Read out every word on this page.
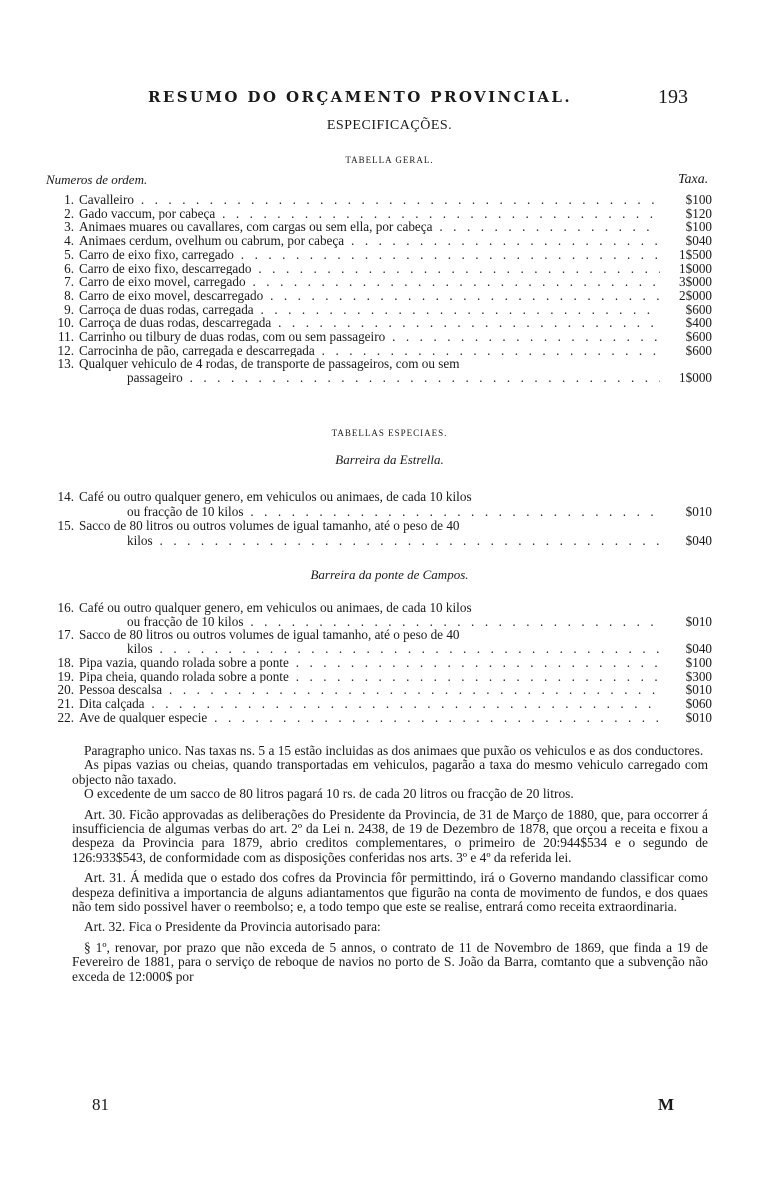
RESUMO DO ORÇAMENTO PROVINCIAL.	193
ESPECIFICAÇÕES.
TABELLA GERAL.
Numeros de ordem.	Taxa.
1. Cavalleiro . . .	$100
2. Gado vaccum, por cabeça . . .	$120
3. Animaes muares ou cavallares, com cargas ou sem ella, por cabeça . . .	$100
4. Animaes cerdum, ovelhum ou cabrum, por cabeça . . .	$040
5. Carro de eixo fixo, carregado . . .	1$500
6. Carro de eixo fixo, descarregado . . .	1$000
7. Carro de eixo movel, carregado . . .	3$000
8. Carro de eixo movel, descarregado . . .	2$000
9. Carroça de duas rodas, carregada . . .	$600
10. Carroça de duas rodas, descarregada . . .	$400
11. Carrinho ou tilbury de duas rodas, com ou sem passageiro . . .	$600
12. Carrocinha de pão, carregada e descarregada . . .	$600
13. Qualquer vehiculo de 4 rodas, de transporte de passageiros, com ou sem
passageiro . . .	1$000
TABELLAS ESPECIAES.
Barreira da Estrella.
14. Café ou outro qualquer genero, em vehiculos ou animaes, de cada 10 kilos
ou fracção de 10 kilos . . .	$010
15. Sacco de 80 litros ou outros volumes de igual tamanho, até o peso de 40
kilos . . .	$040
Barreira da ponte de Campos.
16. Café ou outro qualquer genero, em vehiculos ou animaes, de cada 10 kilos
ou fracção de 10 kilos . . .	$010
17. Sacco de 80 litros ou outros volumes de igual tamanho, até o peso de 40
kilos . . .	$040
18. Pipa vazia, quando rolada sobre a ponte . . .	$100
19. Pipa cheia, quando rolada sobre a ponte . . .	$300
20. Pessoa descalsa . . .	$010
21. Dita calçada . . .	$060
22. Ave de qualquer especie . . .	$010

Paragrapho unico. Nas taxas ns. 5 a 15 estão incluidas as dos animaes que puxão os vehiculos e as dos conductores.

As pipas vazias ou cheias, quando transportadas em vehiculos, pagarão a taxa do mesmo vehiculo carregado com objecto não taxado.

O excedente de um sacco de 80 litros pagará 10 rs. de cada 20 litros ou fracção de 20 litros.

Art. 30. Ficão approvadas as deliberações do Presidente da Provincia, de 31 de Março de 1880, que, para occorrer á insufficiencia de algumas verbas do art. 2º da Lei n. 2438, de 19 de Dezembro de 1878, que orçou a receita e fixou a despeza da Provincia para 1879, abrio creditos complementares, o primeiro de 20:944$534 e o segundo de 126:933$543, de conformidade com as disposições conferidas nos arts. 3º e 4º da referida lei.

Art. 31. Á medida que o estado dos cofres da Provincia fôr permittindo, irá o Governo mandando classificar como despeza definitiva a importancia de alguns adiantamentos que figurão na conta de movimento de fundos, e dos quaes não tem sido possivel haver o reembolso; e, a todo tempo que este se realise, entrará como receita extraordinaria.

Art. 32. Fica o Presidente da Provincia autorisado para:

§ 1º, renovar, por prazo que não exceda de 5 annos, o contrato de 11 de Novembro de 1869, que finda a 19 de Fevereiro de 1881, para o serviço de reboque de navios no porto de S. João da Barra, comtanto que a subvenção não exceda de 12:000$ por

81	M
